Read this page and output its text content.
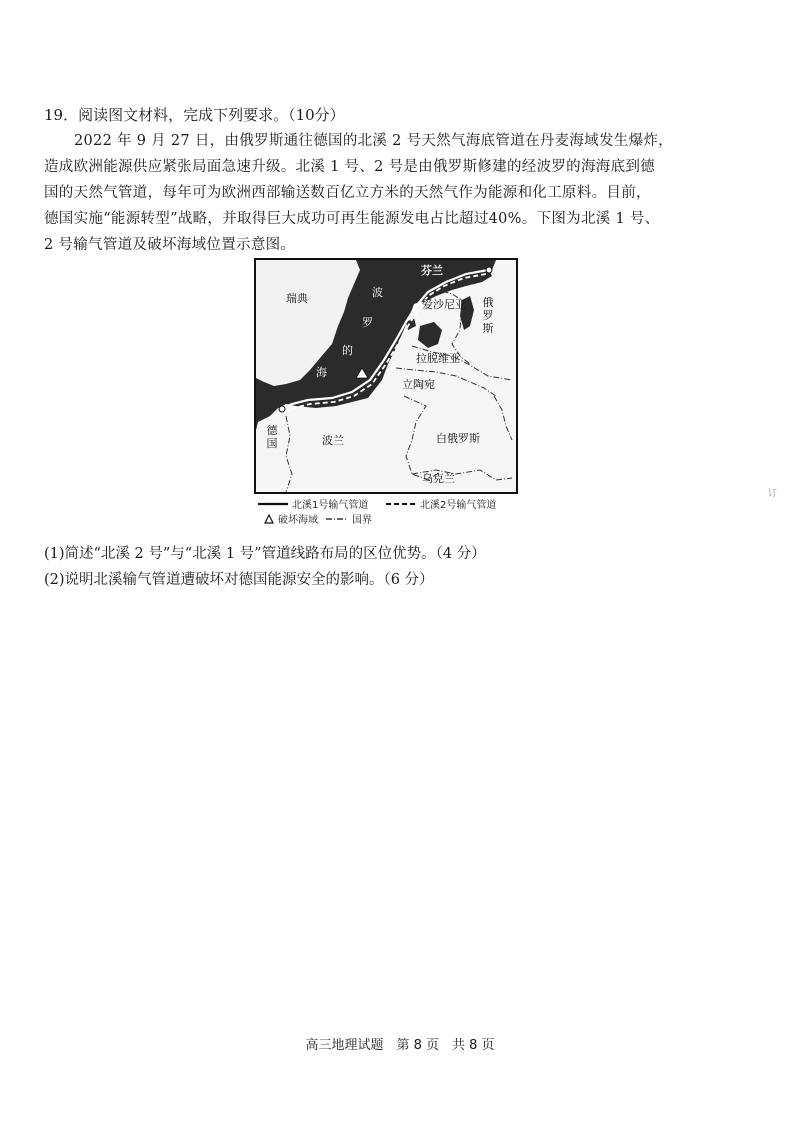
19．阅读图文材料，完成下列要求。（10分）
2022 年 9 月 27 日，由俄罗斯通往德国的北溪 2 号天然气海底管道在丹麦海域发生爆炸，
造成欧洲能源供应紧张局面急速升级。北溪 1 号、2 号是由俄罗斯修建的经波罗的海海底到德
国的天然气管道，每年可为欧洲西部输送数百亿立方米的天然气作为能源和化工原料。目前，
德国实施“能源转型”战略，并取得巨大成功可再生能源发电占比超过40%。下图为北溪 1 号、
2 号输气管道及破坏海域位置示意图。
芬兰
瑞典	波
罗
的
海
爱沙尼亚 俄罗斯
拉脱维亚
立陶宛
德国	波兰	白俄罗斯
乌克兰
北溪1号输气管道	北溪2号输气管道
破坏海域	国界
(1)简述“北溪 2 号”与“北溪 1 号”管道线路布局的区位优势。（4 分）
(2)说明北溪输气管道遭破坏对德国能源安全的影响。（6 分）
订
高三地理试题　第 8 页　共 8 页
